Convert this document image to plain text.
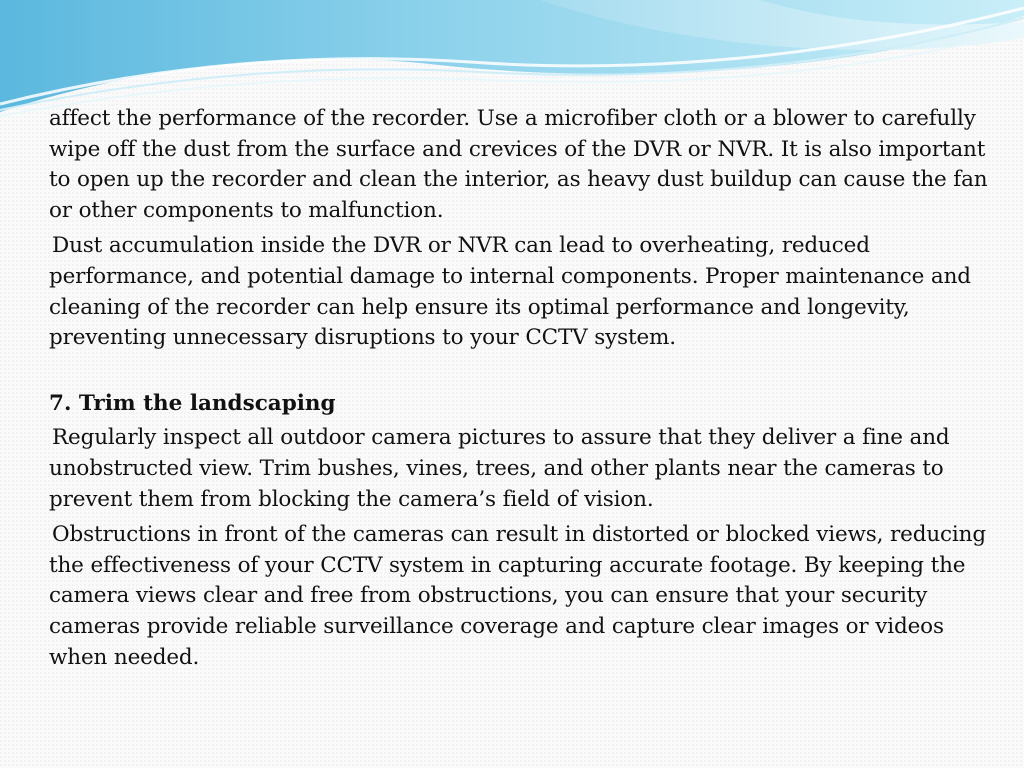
affect the performance of the recorder. Use a microfiber cloth or a blower to carefully wipe off the dust from the surface and crevices of the DVR or NVR. It is also important to open up the recorder and clean the interior, as heavy dust buildup can cause the fan or other components to malfunction.

Dust accumulation inside the DVR or NVR can lead to overheating, reduced performance, and potential damage to internal components. Proper maintenance and cleaning of the recorder can help ensure its optimal performance and longevity, preventing unnecessary disruptions to your CCTV system.

7. Trim the landscaping

Regularly inspect all outdoor camera pictures to assure that they deliver a fine and unobstructed view. Trim bushes, vines, trees, and other plants near the cameras to prevent them from blocking the camera’s field of vision.

Obstructions in front of the cameras can result in distorted or blocked views, reducing the effectiveness of your CCTV system in capturing accurate footage. By keeping the camera views clear and free from obstructions, you can ensure that your security cameras provide reliable surveillance coverage and capture clear images or videos when needed.
